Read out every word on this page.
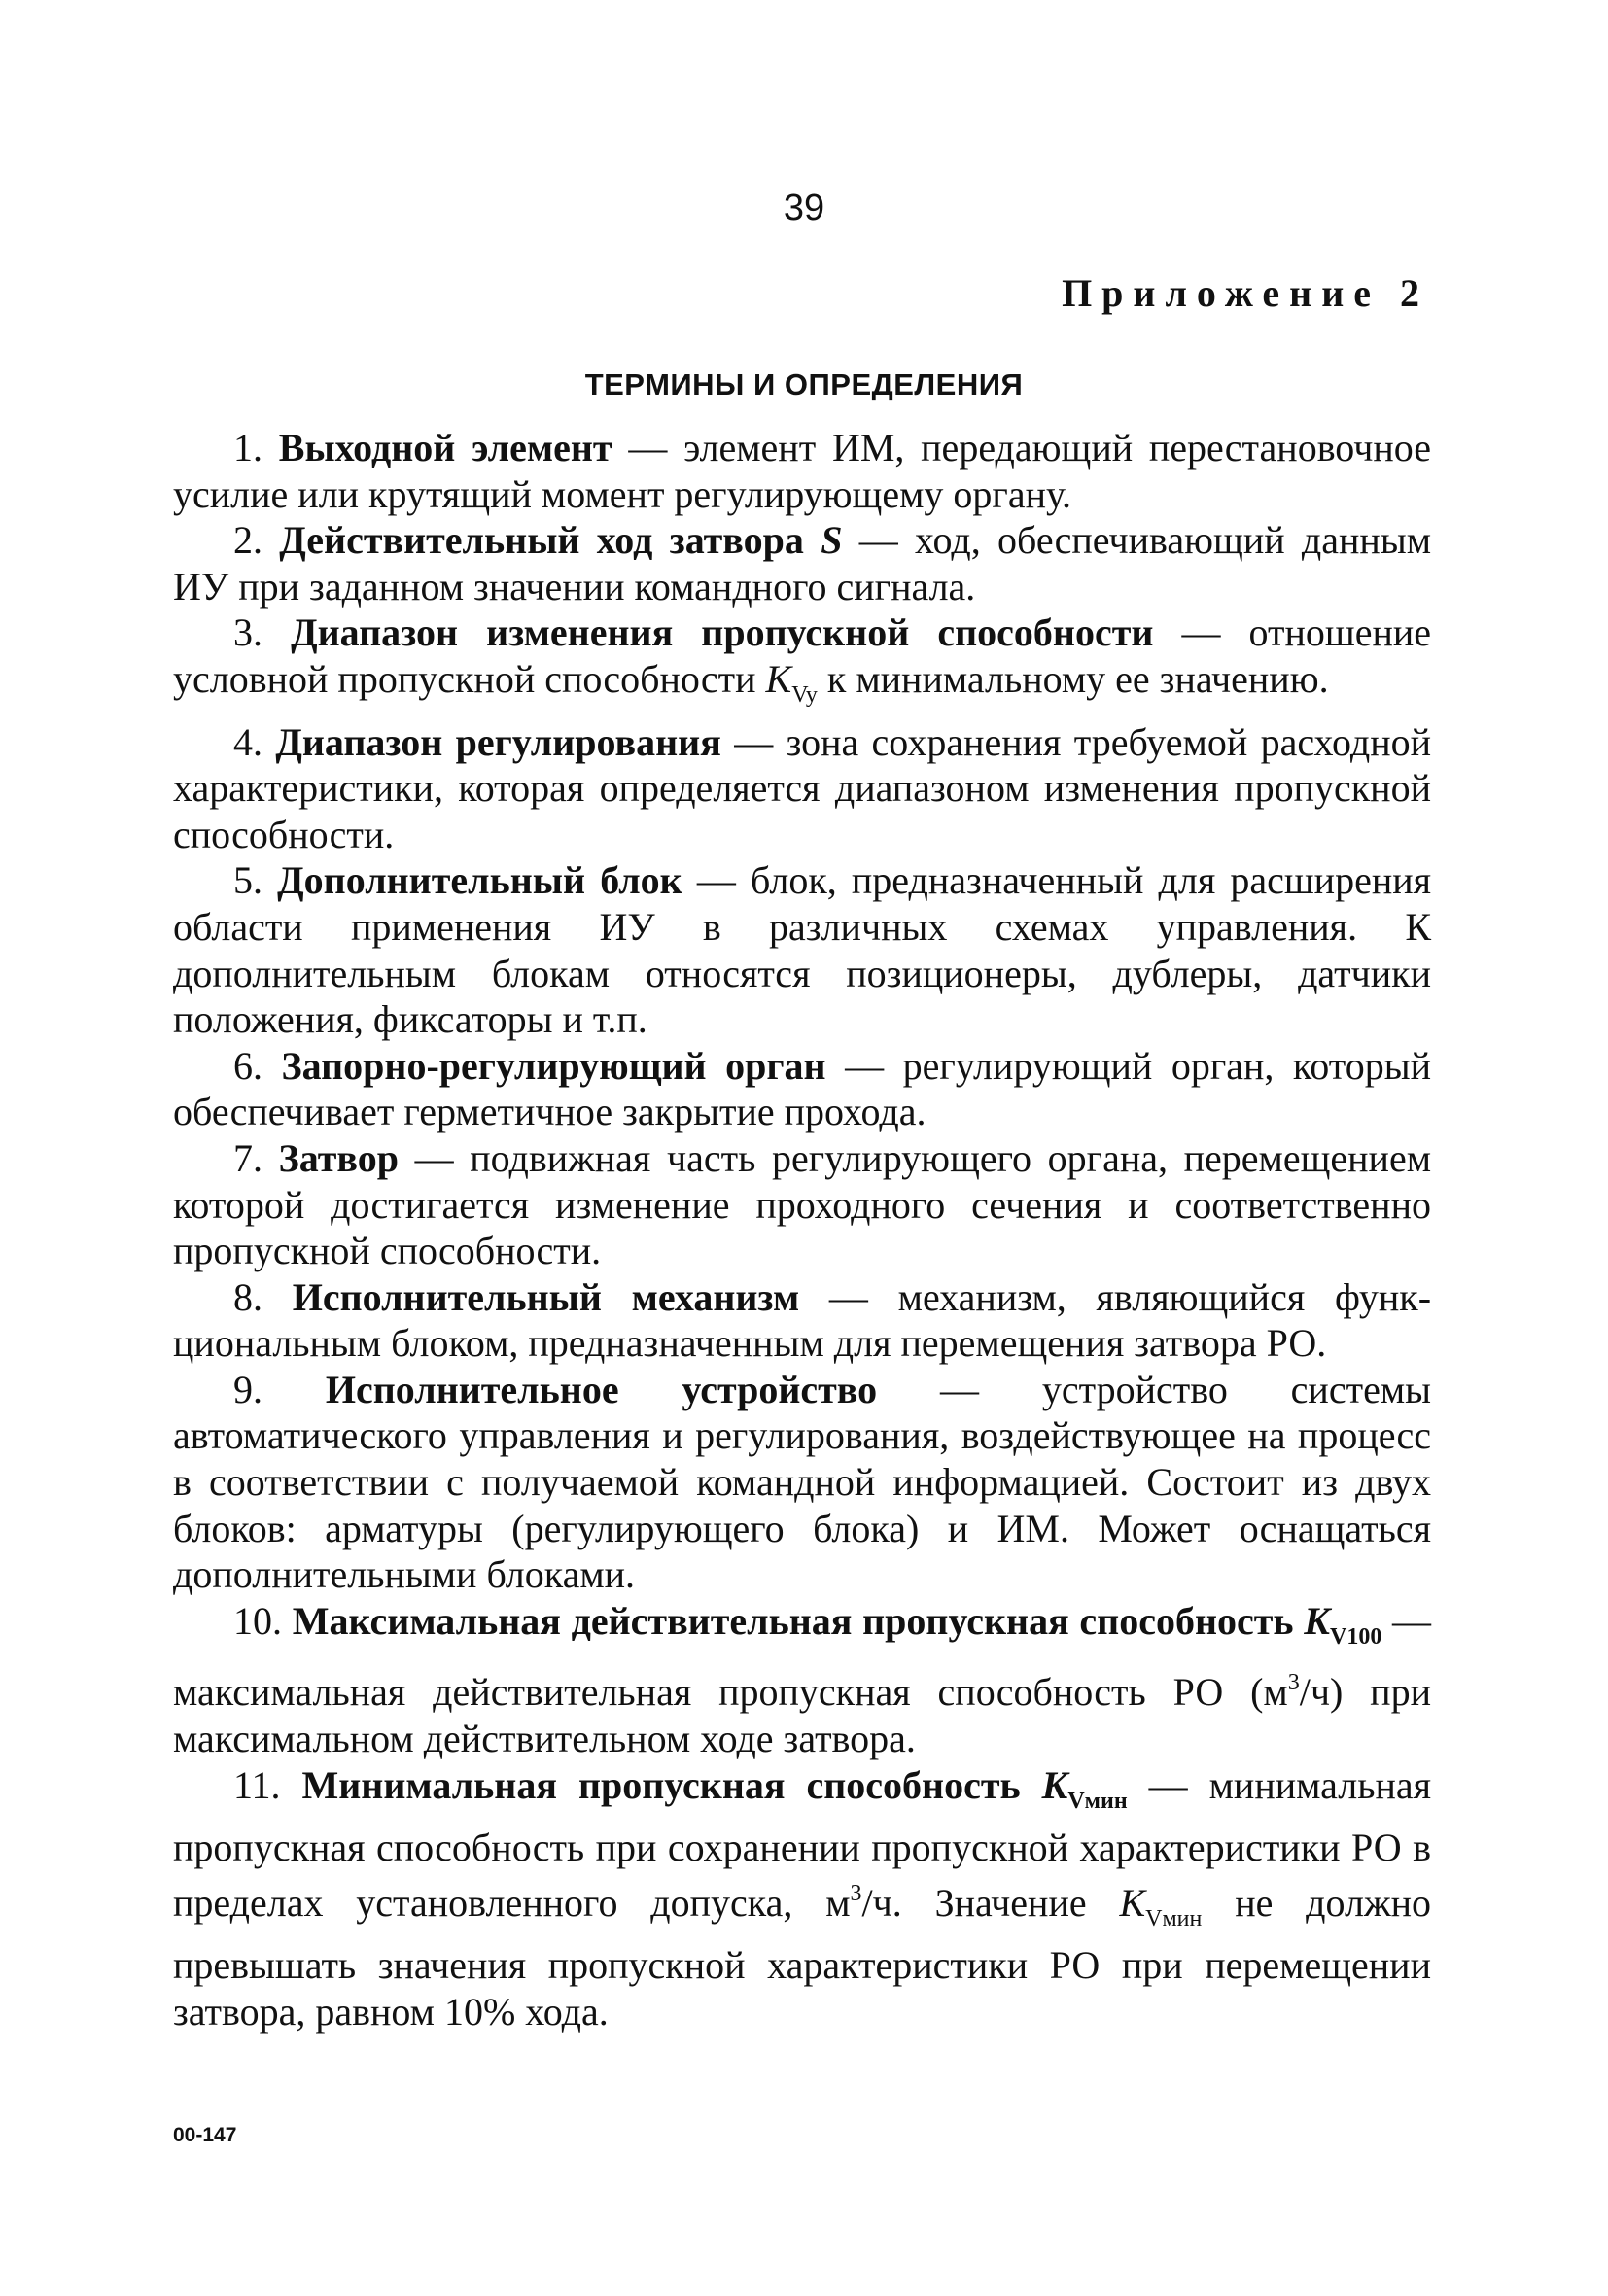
39
Приложение 2
ТЕРМИНЫ И ОПРЕДЕЛЕНИЯ

1. Выходной элемент — элемент ИМ, передающий перестановочное усилие или крутящий момент регулирующему органу.

2. Действительный ход затвора S — ход, обеспечивающий данным ИУ при заданном значении командного сигнала.

3. Диапазон изменения пропускной способности — отношение условной пропускной способности $K_{Vy}$ к минимальному ее значению.

4. Диапазон регулирования — зона сохранения требуемой расходной характеристики, которая определяется диапазоном изменения пропускной способности.

5. Дополнительный блок — блок, предназначенный для расширения области применения ИУ в различных схемах управления. К дополнительным блокам относятся позиционеры, дублеры, датчики положения, фиксаторы и т.п.

6. Запорно-регулирующий орган — регулирующий орган, который обеспечивает герметичное закрытие прохода.

7. Затвор — подвижная часть регулирующего органа, перемещением которой достигается изменение проходного сечения и соответственно пропускной способности.

8. Исполнительный механизм — механизм, являющийся функ-циональным блоком, предназначенным для перемещения затвора РО.

9. Исполнительное устройство — устройство системы автоматического управления и регулирования, воздействующее на процесс в соответствии с получаемой командной информацией. Состоит из двух блоков: арматуры (регулирующего блока) и ИМ. Может оснащаться дополнительными блоками.

10. Максимальная действительная пропускная способность $K_{V100}$ — максимальная действительная пропускная способность РО $(м^3/ч)$ при максимальном действительном ходе затвора.

11. Минимальная пропускная способность $K_{Vмин}$ — минимальная пропускная способность при сохранении пропускной характеристики РО в пределах установленного допуска, $м^3/ч$. Значение $K_{Vмин}$ не должно превышать значения пропускной характеристики РО при перемещении затвора, равном 10% хода.

00-147
